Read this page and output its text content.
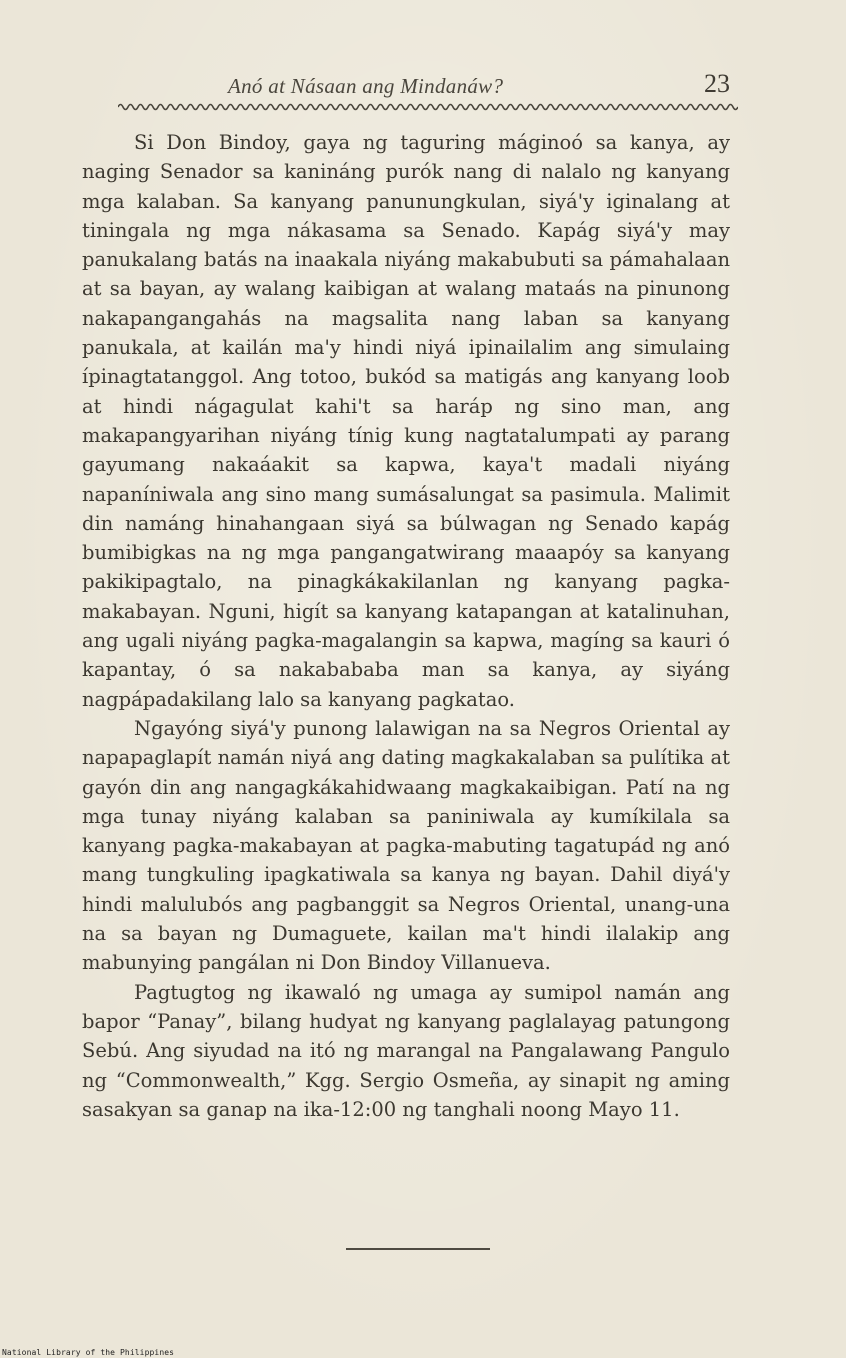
Anó at Násaan ang Mindanáw?	23

Si Don Bindoy, gaya ng taguring máginoó sa kanya, ay naging Senador sa kanináng purók nang di nalalo ng kanyang mga kalaban. Sa kanyang panunungkulan, siyá'y iginalang at tiningala ng mga nákasama sa Senado. Kapág siyá'y may panukalang batás na inaakala niyáng makabubuti sa pámahalaan at sa bayan, ay walang kaibigan at walang mataás na pinunong nakapangangahás na magsalita nang laban sa kanyang panukala, at kailán ma'y hindi niyá ipinailalim ang simulaing ípinagtatanggol. Ang totoo, bukód sa matigás ang kanyang loob at hindi nágagulat kahi't sa haráp ng sino man, ang makapangyarihan niyáng tínig kung nagtatalumpati ay parang gayumang nakaáakit sa kapwa, kaya't madali niyáng napaníniwala ang sino mang sumásalungat sa pasimula. Malimit din namáng hinahangaan siyá sa búlwagan ng Senado kapág bumibigkas na ng mga pangangatwirang maaapóy sa kanyang pakikipagtalo, na pinagkákakilanlan ng kanyang pagka-makabayan. Nguni, higít sa kanyang katapangan at katalinuhan, ang ugali niyáng pagka-magalangin sa kapwa, magíng sa kauri ó kapantay, ó sa nakabababa man sa kanya, ay siyáng nagpápadakilang lalo sa kanyang pagkatao.

Ngayóng siyá'y punong lalawigan na sa Negros Oriental ay napapaglapít namán niyá ang dating magkakalaban sa pulítika at gayón din ang nangagkákahidwaang magkakaibigan. Patí na ng mga tunay niyáng kalaban sa paniniwala ay kumíkilala sa kanyang pagka-makabayan at pagka-mabuting tagatupád ng anó mang tungkuling ipagkatiwala sa kanya ng bayan. Dahil diyá'y hindi malulubós ang pagbanggit sa Negros Oriental, unang-una na sa bayan ng Dumaguete, kailan ma't hindi ilalakip ang mabunying pangálan ni Don Bindoy Villanueva.

Pagtugtog ng ikawaló ng umaga ay sumipol namán ang bapor “Panay”, bilang hudyat ng kanyang paglalayag patungong Sebú. Ang siyudad na itó ng marangal na Pangalawang Pangulo ng “Commonwealth,” Kgg. Sergio Osmeña, ay sinapit ng aming sasakyan sa ganap na ika-12:00 ng tanghali noong Mayo 11.

National Library of the Philippines
